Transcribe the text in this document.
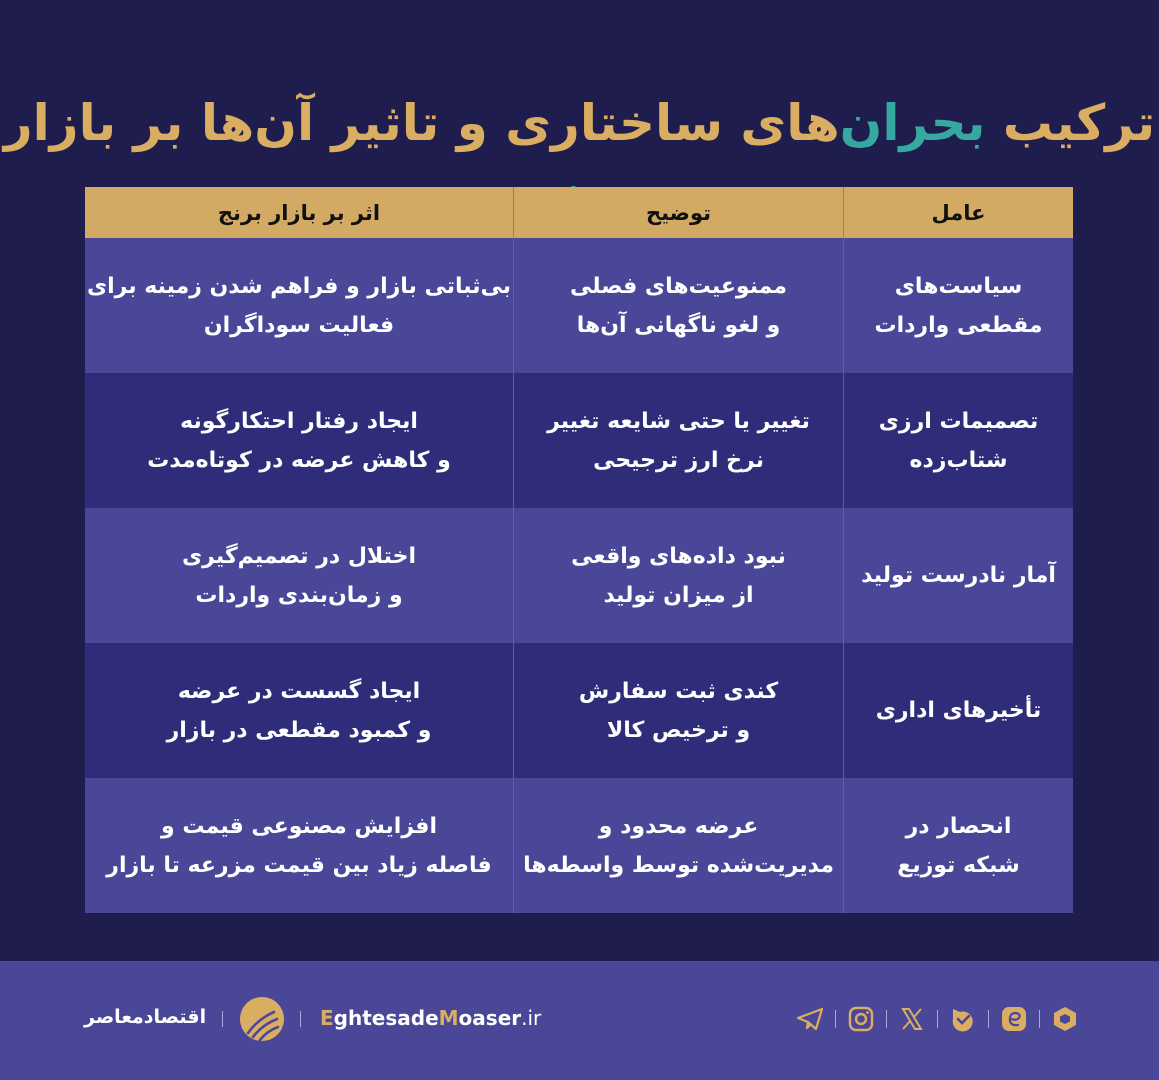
ترکیب بحران‌های ساختاری و تاثیر آن‌ها بر بازار
عامل
توضیح
اثر بر بازار برنج
سیاست‌های
مقطعی واردات
ممنوعیت‌های فصلی
و لغو ناگهانی آن‌ها
بی‌ثباتی بازار و فراهم شدن زمینه برای
فعالیت سوداگران
تصمیمات ارزی
شتاب‌زده
تغییر یا حتی شایعه تغییر
نرخ ارز ترجیحی
ایجاد رفتار احتکارگونه
و کاهش عرضه در کوتاه‌مدت
آمار نادرست تولید
نبود داده‌های واقعی
از میزان تولید
اختلال در تصمیم‌گیری
و زمان‌بندی واردات
تأخیرهای اداری
کندی ثبت سفارش
و ترخیص کالا
ایجاد گسست در عرضه
و کمبود مقطعی در بازار
انحصار در
شبکه توزیع
عرضه محدود و
مدیریت‌شده توسط واسطه‌ها
افزایش مصنوعی قیمت و
فاصله زیاد بین قیمت مزرعه تا بازار
اقتصادمعاصر	EghtesadeMoaser.ir
